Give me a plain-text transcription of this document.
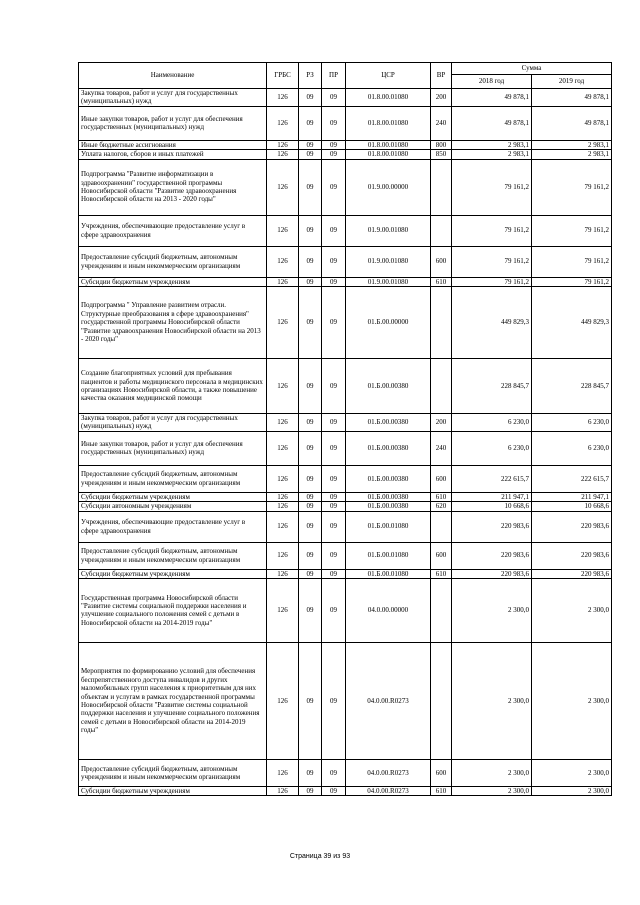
Наименование	ГРБС	РЗ	ПР	ЦСР	ВР	Сумма	
						2018 год	2019 год
Закупка товаров, работ и услуг для государственных (муниципальных) нужд	126	09	09	01.8.00.01080	200	49 878,1	49 878,1
Иные закупки товаров, работ и услуг для обеспечения государственных (муниципальных) нужд	126	09	09	01.8.00.01080	240	49 878,1	49 878,1
Иные бюджетные ассигнования	126	09	09	01.8.00.01080	800	2 983,1	2 983,1
Уплата налогов, сборов и иных платежей	126	09	09	01.8.00.01080	850	2 983,1	2 983,1
Подпрограмма "Развитие информатизации в здравоохранении" государственной программы Новосибирской области "Развитие здравоохранения Новосибирской области на 2013 - 2020 годы"	126	09	09	01.9.00.00000		79 161,2	79 161,2
Учреждения, обеспечивающие предоставление услуг в сфере здравоохранения	126	09	09	01.9.00.01080		79 161,2	79 161,2
Предоставление субсидий бюджетным, автономным учреждениям и иным некоммерческим организациям	126	09	09	01.9.00.01080	600	79 161,2	79 161,2
Субсидии бюджетным учреждениям	126	09	09	01.9.00.01080	610	79 161,2	79 161,2
Подпрограмма " Управление развитием отрасли. Структурные преобразования в сфере здравоохранения" государственной программы Новосибирской области "Развитие здравоохранения Новосибирской области на 2013 - 2020 годы"	126	09	09	01.Б.00.00000		449 829,3	449 829,3
Создание благоприятных условий для пребывания пациентов и работы медицинского персонала в медицинских организациях Новосибирской области, а также повышение качества оказания медицинской помощи	126	09	09	01.Б.00.00380		228 845,7	228 845,7
Закупка товаров, работ и услуг для государственных (муниципальных) нужд	126	09	09	01.Б.00.00380	200	6 230,0	6 230,0
Иные закупки товаров, работ и услуг для обеспечения государственных (муниципальных) нужд	126	09	09	01.Б.00.00380	240	6 230,0	6 230,0
Предоставление субсидий бюджетным, автономным учреждениям и иным некоммерческим организациям	126	09	09	01.Б.00.00380	600	222 615,7	222 615,7
Субсидии бюджетным учреждениям	126	09	09	01.Б.00.00380	610	211 947,1	211 947,1
Субсидии автономным учреждениям	126	09	09	01.Б.00.00380	620	10 668,6	10 668,6
Учреждения, обеспечивающие предоставление услуг в сфере здравоохранения	126	09	09	01.Б.00.01080		220 983,6	220 983,6
Предоставление субсидий бюджетным, автономным учреждениям и иным некоммерческим организациям	126	09	09	01.Б.00.01080	600	220 983,6	220 983,6
Субсидии бюджетным учреждениям	126	09	09	01.Б.00.01080	610	220 983,6	220 983,6
Государственная программа Новосибирской области "Развитие системы социальной поддержки населения и улучшение социального положения семей с детьми в Новосибирской области на 2014-2019 годы"	126	09	09	04.0.00.00000		2 300,0	2 300,0
Мероприятия по формированию условий для обеспечения беспрепятственного доступа инвалидов и других маломобильных групп населения к приоритетным для них объектам и услугам в рамках государственной программы Новосибирской области "Развитие системы социальной поддержки населения и улучшение социального положения семей с детьми в Новосибирской области на 2014-2019 годы"	126	09	09	04.0.00.R0273		2 300,0	2 300,0
Предоставление субсидий бюджетным, автономным учреждениям и иным некоммерческим организациям	126	09	09	04.0.00.R0273	600	2 300,0	2 300,0
Субсидии бюджетным учреждениям	126	09	09	04.0.00.R0273	610	2 300,0	2 300,0
Страница 39 из 93
